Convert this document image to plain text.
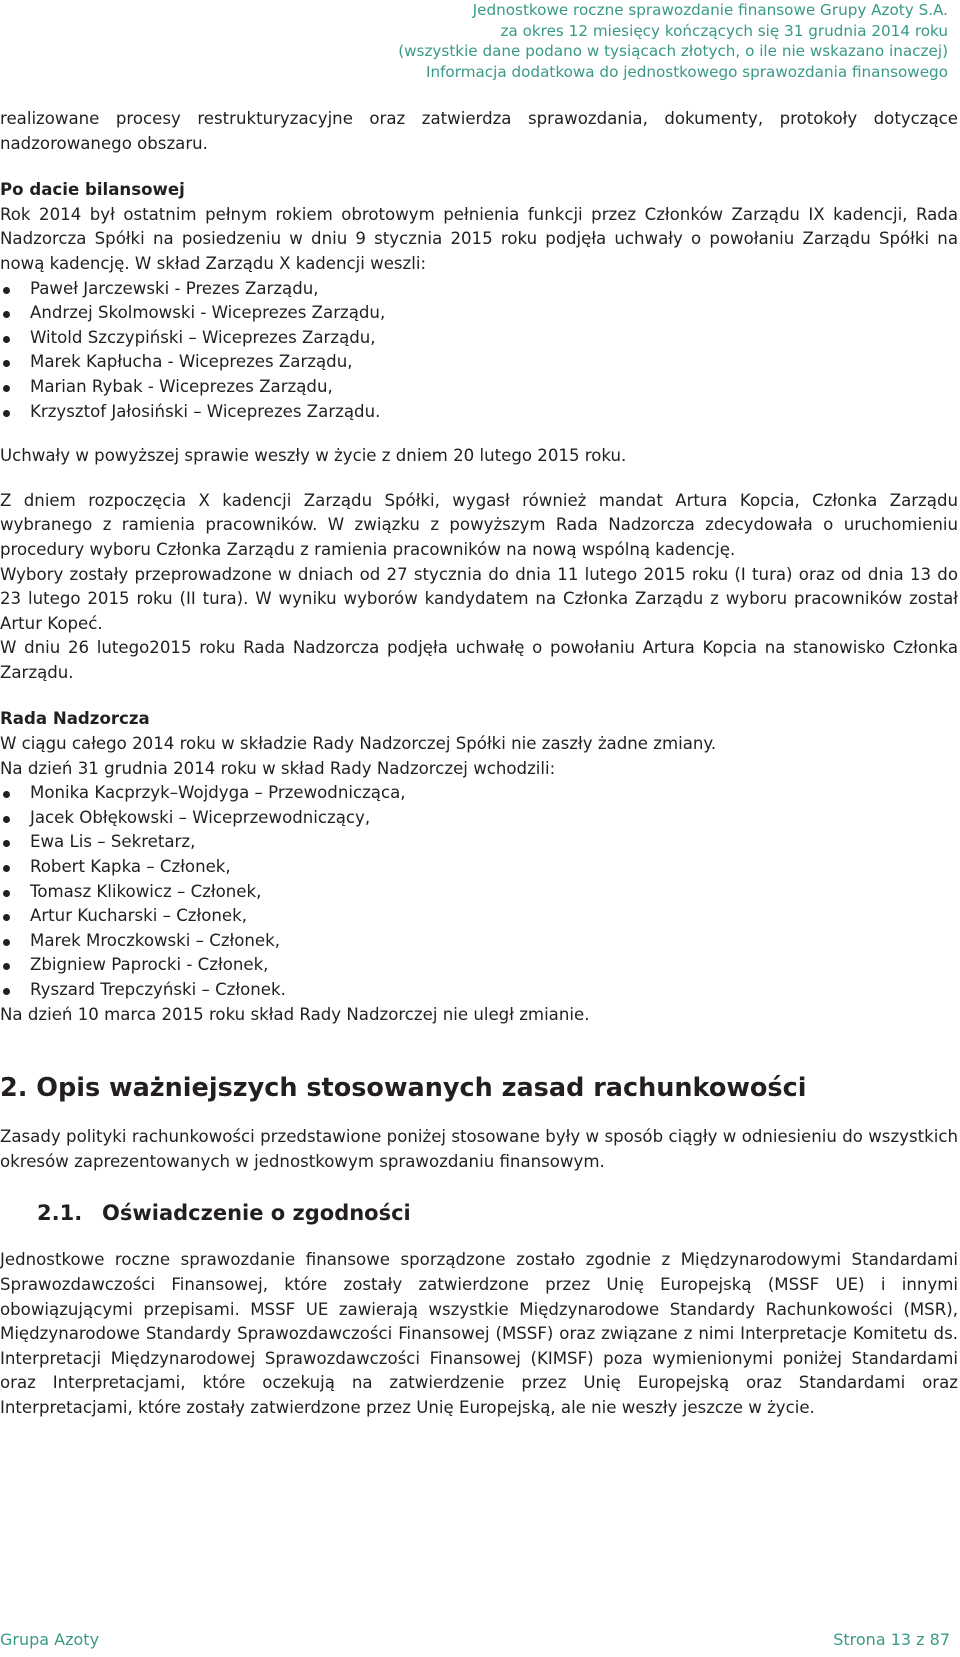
Jednostkowe roczne sprawozdanie finansowe Grupy Azoty S.A.
za okres 12 miesięcy kończących się 31 grudnia 2014 roku
(wszystkie dane podano w tysiącach złotych, o ile nie wskazano inaczej)
Informacja dodatkowa do jednostkowego sprawozdania finansowego

realizowane procesy restrukturyzacyjne oraz zatwierdza sprawozdania, dokumenty, protokoły dotyczące nadzorowanego obszaru.

Po dacie bilansowej

Rok 2014 był ostatnim pełnym rokiem obrotowym pełnienia funkcji przez Członków Zarządu IX kadencji, Rada Nadzorcza Spółki na posiedzeniu w dniu 9 stycznia 2015 roku podjęła uchwały o powołaniu Zarządu Spółki na nową kadencję. W skład Zarządu X kadencji weszli:

Paweł Jarczewski - Prezes Zarządu,
Andrzej Skolmowski - Wiceprezes Zarządu,
Witold Szczypiński – Wiceprezes Zarządu,
Marek Kapłucha - Wiceprezes Zarządu,
Marian Rybak - Wiceprezes Zarządu,
Krzysztof Jałosiński – Wiceprezes Zarządu.

Uchwały w powyższej sprawie weszły w życie z dniem 20 lutego 2015 roku.

Z dniem rozpoczęcia X kadencji Zarządu Spółki, wygasł również mandat Artura Kopcia, Członka Zarządu wybranego z ramienia pracowników. W związku z powyższym Rada Nadzorcza zdecydowała o uruchomieniu procedury wyboru Członka Zarządu z ramienia pracowników na nową wspólną kadencję.

Wybory zostały przeprowadzone w dniach od 27 stycznia do dnia 11 lutego 2015 roku (I tura) oraz od dnia 13 do 23 lutego 2015 roku (II tura). W wyniku wyborów kandydatem na Członka Zarządu z wyboru pracowników został Artur Kopeć.

W dniu 26 lutego2015 roku Rada Nadzorcza podjęła uchwałę o powołaniu Artura Kopcia na stanowisko Członka Zarządu.

Rada Nadzorcza

W ciągu całego 2014 roku w składzie Rady Nadzorczej Spółki nie zaszły żadne zmiany.

Na dzień 31 grudnia 2014 roku w skład Rady Nadzorczej wchodzili:

Monika Kacprzyk–Wojdyga – Przewodnicząca,
Jacek Obłękowski – Wiceprzewodniczący,
Ewa Lis – Sekretarz,
Robert Kapka – Członek,
Tomasz Klikowicz – Członek,
Artur Kucharski – Członek,
Marek Mroczkowski – Członek,
Zbigniew Paprocki - Członek,
Ryszard Trepczyński – Członek.

Na dzień 10 marca 2015 roku skład Rady Nadzorczej nie uległ zmianie.

2. Opis ważniejszych stosowanych zasad rachunkowości

Zasady polityki rachunkowości przedstawione poniżej stosowane były w sposób ciągły w odniesieniu do wszystkich okresów zaprezentowanych w jednostkowym sprawozdaniu finansowym.

2.1. Oświadczenie o zgodności

Jednostkowe roczne sprawozdanie finansowe sporządzone zostało zgodnie z Międzynarodowymi Standardami Sprawozdawczości Finansowej, które zostały zatwierdzone przez Unię Europejską (MSSF UE) i innymi obowiązującymi przepisami. MSSF UE zawierają wszystkie Międzynarodowe Standardy Rachunkowości (MSR), Międzynarodowe Standardy Sprawozdawczości Finansowej (MSSF) oraz związane z nimi Interpretacje Komitetu ds. Interpretacji Międzynarodowej Sprawozdawczości Finansowej (KIMSF) poza wymienionymi poniżej Standardami oraz Interpretacjami, które oczekują na zatwierdzenie przez Unię Europejską oraz Standardami oraz Interpretacjami, które zostały zatwierdzone przez Unię Europejską, ale nie weszły jeszcze w życie.

Grupa Azoty	Strona 13 z 87
